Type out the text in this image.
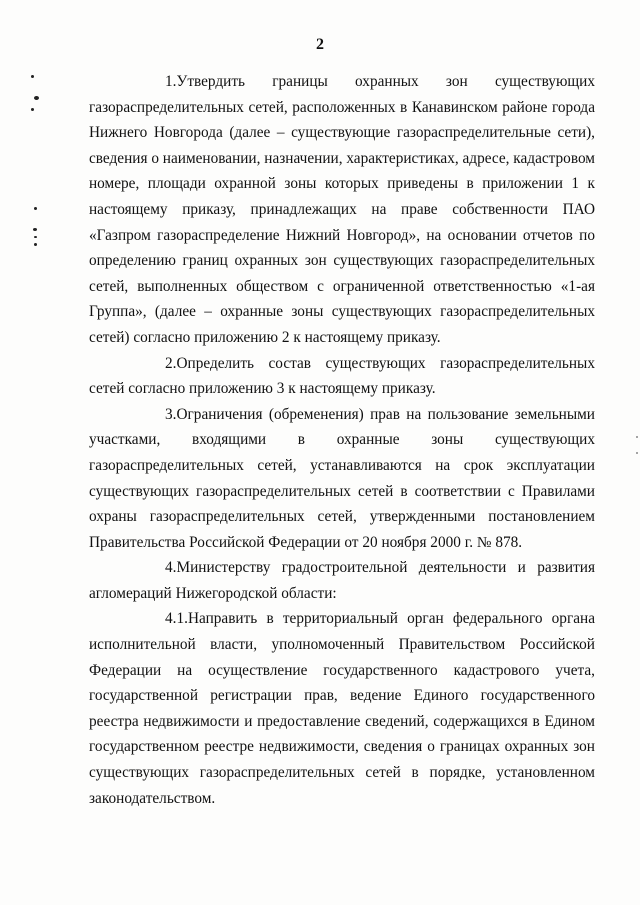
2

1.Утвердить границы охранных зон существующих газораспределительных сетей, расположенных в Канавинском районе города Нижнего Новгорода (далее – существующие газораспределительные сети), сведения о наименовании, назначении, характеристиках, адресе, кадастровом номере, площади охранной зоны которых приведены в приложении 1 к настоящему приказу, принадлежащих на праве собственности ПАО «Газпром газораспределение Нижний Новгород», на основании отчетов по определению границ охранных зон существующих газораспределительных сетей, выполненных обществом с ограниченной ответственностью «1-ая Группа», (далее – охранные зоны существующих газораспределительных сетей) согласно приложению 2 к настоящему приказу.

2.Определить состав существующих газораспределительных сетей согласно приложению 3 к настоящему приказу.

3.Ограничения (обременения) прав на пользование земельными участками, входящими в охранные зоны существующих газораспределительных сетей, устанавливаются на срок эксплуатации существующих газораспределительных сетей в соответствии с Правилами охраны газораспределительных сетей, утвержденными постановлением Правительства Российской Федерации от 20 ноября 2000 г. № 878.

4.Министерству градостроительной деятельности и развития агломераций Нижегородской области:

4.1.Направить в территориальный орган федерального органа исполнительной власти, уполномоченный Правительством Российской Федерации на осуществление государственного кадастрового учета, государственной регистрации прав, ведение Единого государственного реестра недвижимости и предоставление сведений, содержащихся в Едином государственном реестре недвижимости, сведения о границах охранных зон существующих газораспределительных сетей в порядке, установленном законодательством.
